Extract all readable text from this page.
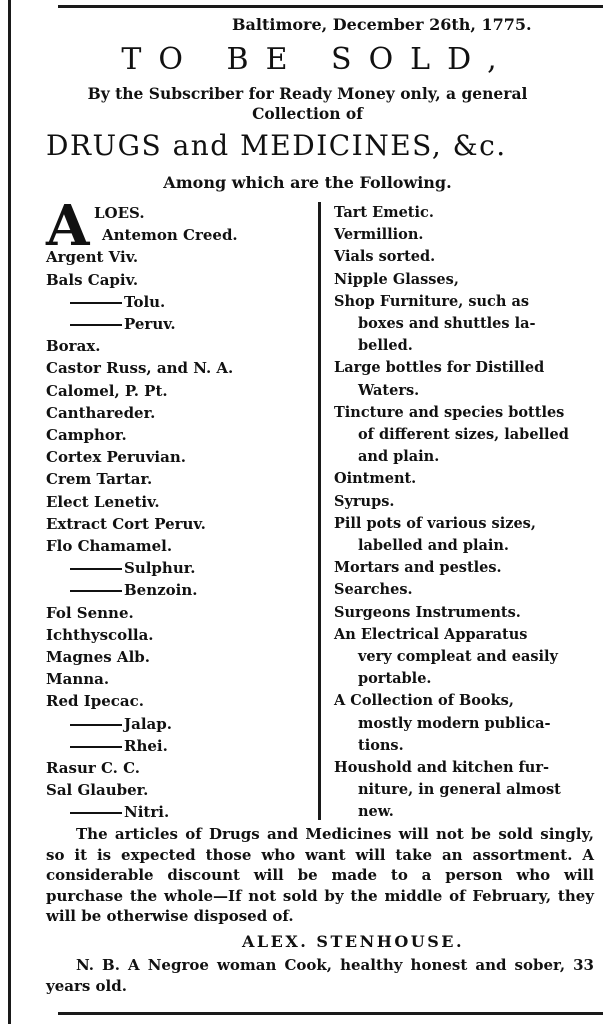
Baltimore, December 26th, 1775.
TO BE SOLD,
By the Subscriber for Ready Money only, a general
Collection of
DRUGS and MEDICINES, &c.
Among which are the Following.
A LOES.
Antemon Creed.
Argent Viv.
Bals Capiv.
Tolu.
Peruv.
Borax.
Castor Russ, and N. A.
Calomel, P. Pt.
Canthareder.
Camphor.
Cortex Peruvian.
Crem Tartar.
Elect Lenetiv.
Extract Cort Peruv.
Flo Chamamel.
Sulphur.
Benzoin.
Fol Senne.
Ichthyscolla.
Magnes Alb.
Manna.
Red Ipecac.
Jalap.
Rhei.
Rasur C. C.
Sal Glauber.
Nitri.
Tart Emetic.
Vermillion.
Vials sorted.
Nipple Glasses,
Shop Furniture, such as
boxes and shuttles la-
belled.
Large bottles for Distilled
Waters.
Tincture and species bottles
of different sizes, labelled
and plain.
Ointment.
Syrups.
Pill pots of various sizes,
labelled and plain.
Mortars and pestles.
Searches.
Surgeons Instruments.
An Electrical Apparatus
very compleat and easily
portable.
A Collection of Books,
mostly modern publica-
tions.
Houshold and kitchen fur-
niture, in general almost
new.
The articles of Drugs and Medicines will not be sold singly, so it is expected those who want will take an assortment. A considerable discount will be made to a person who will purchase the whole—If not sold by the middle of February, they will be otherwise disposed of.
ALEX. STENHOUSE.
N. B. A Negroe woman Cook, healthy honest and sober, 33 years old.
